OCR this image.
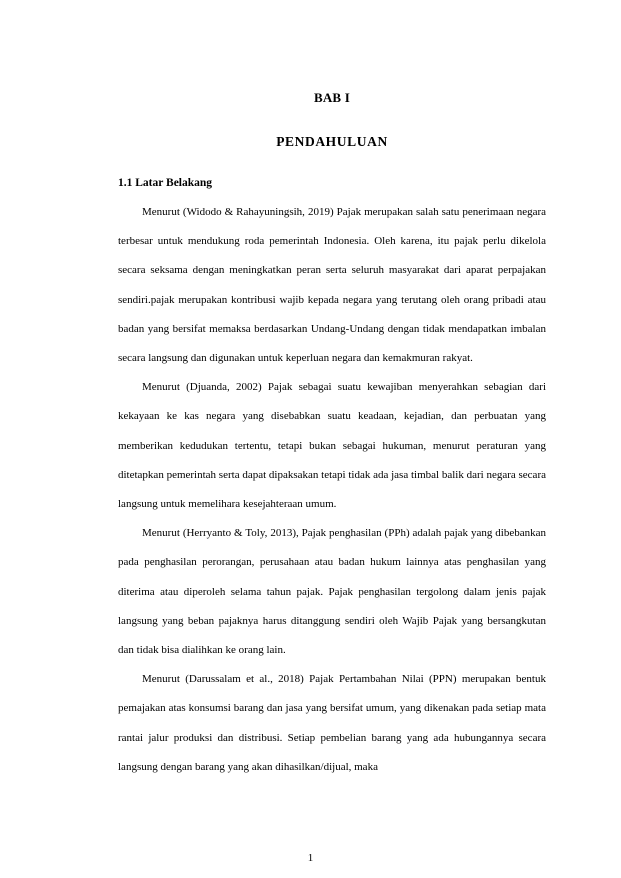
BAB I
PENDAHULUAN
1.1 Latar Belakang

Menurut (Widodo & Rahayuningsih, 2019) Pajak merupakan salah satu penerimaan negara terbesar untuk mendukung roda pemerintah Indonesia. Oleh karena, itu pajak perlu dikelola secara seksama dengan meningkatkan peran serta seluruh masyarakat dari aparat perpajakan sendiri.pajak merupakan kontribusi wajib kepada negara yang terutang oleh orang pribadi atau badan yang bersifat memaksa berdasarkan Undang-Undang dengan tidak mendapatkan imbalan secara langsung dan digunakan untuk keperluan negara dan kemakmuran rakyat.

Menurut (Djuanda, 2002) Pajak sebagai suatu kewajiban menyerahkan sebagian dari kekayaan ke kas negara yang disebabkan suatu keadaan, kejadian, dan perbuatan yang memberikan kedudukan tertentu, tetapi bukan sebagai hukuman, menurut peraturan yang ditetapkan pemerintah serta dapat dipaksakan tetapi tidak ada jasa timbal balik dari negara secara langsung untuk memelihara kesejahteraan umum.

Menurut (Herryanto & Toly, 2013), Pajak penghasilan (PPh) adalah pajak yang dibebankan pada penghasilan perorangan, perusahaan atau badan hukum lainnya atas penghasilan yang diterima atau diperoleh selama tahun pajak. Pajak penghasilan tergolong dalam jenis pajak langsung yang beban pajaknya harus ditanggung sendiri oleh Wajib Pajak yang bersangkutan dan tidak bisa dialihkan ke orang lain.

Menurut (Darussalam et al., 2018) Pajak Pertambahan Nilai (PPN) merupakan bentuk pemajakan atas konsumsi barang dan jasa yang bersifat umum, yang dikenakan pada setiap mata rantai jalur produksi dan distribusi. Setiap pembelian barang yang ada hubungannya secara langsung dengan barang yang akan dihasilkan/dijual, maka

1
